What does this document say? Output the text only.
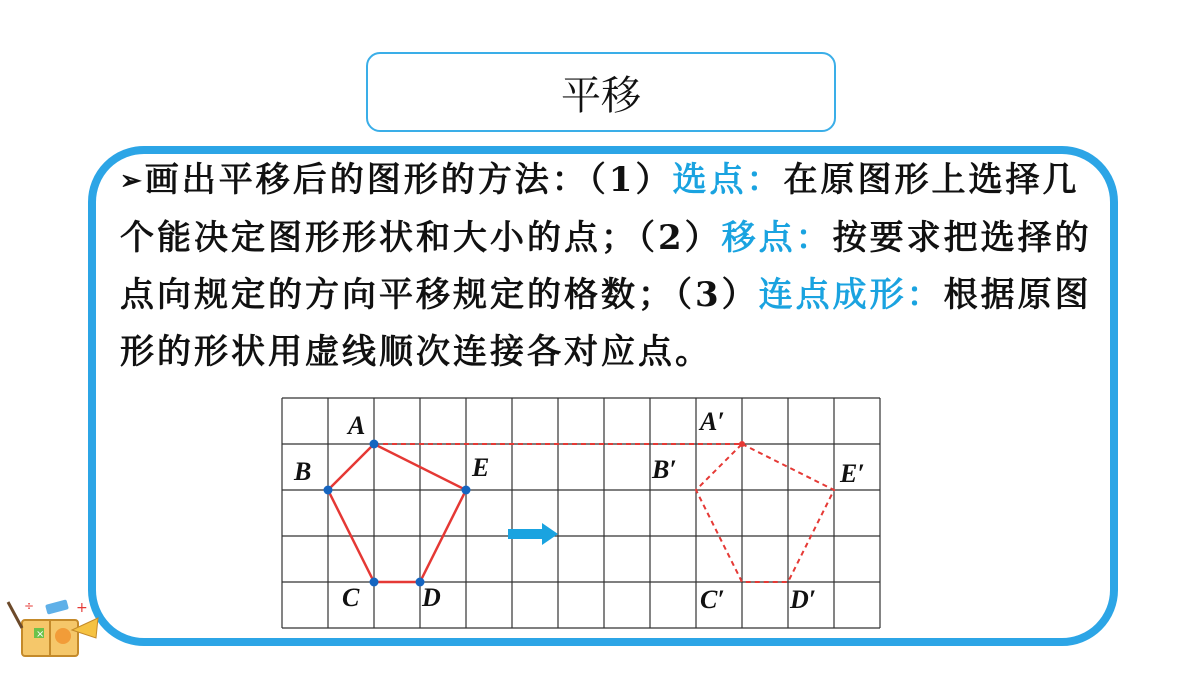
平移
➢画出平移后的图形的方法：（1）选点：在原图形上选择几个能决定图形形状和大小的点；（2）移点：按要求把选择的点向规定的方向平移规定的格数；（3）连点成形：根据原图形的形状用虚线顺次连接各对应点。
A
E
D
C
B
A′
E′
D′
C′
B′
×
÷	+
